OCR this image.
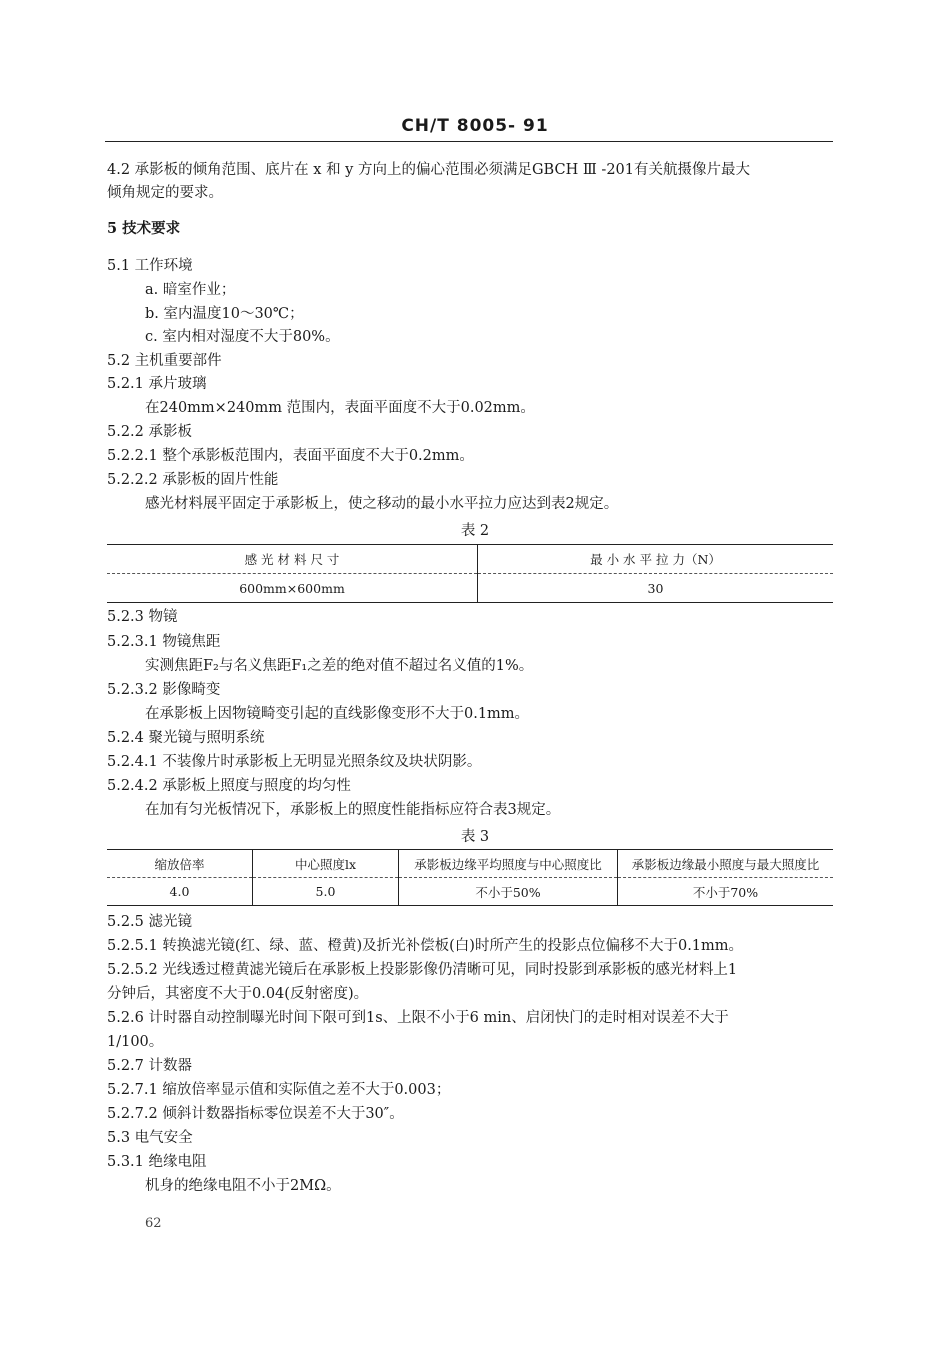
CH/T 8005- 91
4.2 承影板的倾角范围、底片在 x 和 y 方向上的偏心范围必须满足GBCH Ⅲ -201有关航摄像片最大
倾角规定的要求。
5 技术要求
5.1 工作环境
a. 暗室作业；
b. 室内温度10～30℃；
c. 室内相对湿度不大于80%。
5.2 主机重要部件
5.2.1 承片玻璃
在240mm×240mm 范围内，表面平面度不大于0.02mm。
5.2.2 承影板
5.2.2.1 整个承影板范围内，表面平面度不大于0.2mm。
5.2.2.2 承影板的固片性能
感光材料展平固定于承影板上，使之移动的最小水平拉力应达到表2规定。
表 2
感 光 材 料 尺 寸	最 小 水 平 拉 力（N）
600mm×600mm	30
5.2.3 物镜
5.2.3.1 物镜焦距
实测焦距F₂与名义焦距F₁之差的绝对值不超过名义值的1%。
5.2.3.2 影像畸变
在承影板上因物镜畸变引起的直线影像变形不大于0.1mm。
5.2.4 聚光镜与照明系统
5.2.4.1 不装像片时承影板上无明显光照条纹及块状阴影。
5.2.4.2 承影板上照度与照度的均匀性
在加有匀光板情况下，承影板上的照度性能指标应符合表3规定。
表 3
缩放倍率	中心照度lx	承影板边缘平均照度与中心照度比	承影板边缘最小照度与最大照度比
4.0	5.0	不小于50%	不小于70%
5.2.5 滤光镜
5.2.5.1 转换滤光镜(红、绿、蓝、橙黄)及折光补偿板(白)时所产生的投影点位偏移不大于0.1mm。
5.2.5.2 光线透过橙黄滤光镜后在承影板上投影影像仍清晰可见，同时投影到承影板的感光材料上1
分钟后，其密度不大于0.04(反射密度)。
5.2.6 计时器自动控制曝光时间下限可到1s、上限不小于6 min、启闭快门的走时相对误差不大于
1/100。
5.2.7 计数器
5.2.7.1 缩放倍率显示值和实际值之差不大于0.003；
5.2.7.2 倾斜计数器指标零位误差不大于30″。
5.3 电气安全
5.3.1 绝缘电阻
机身的绝缘电阻不小于2MΩ。
62
